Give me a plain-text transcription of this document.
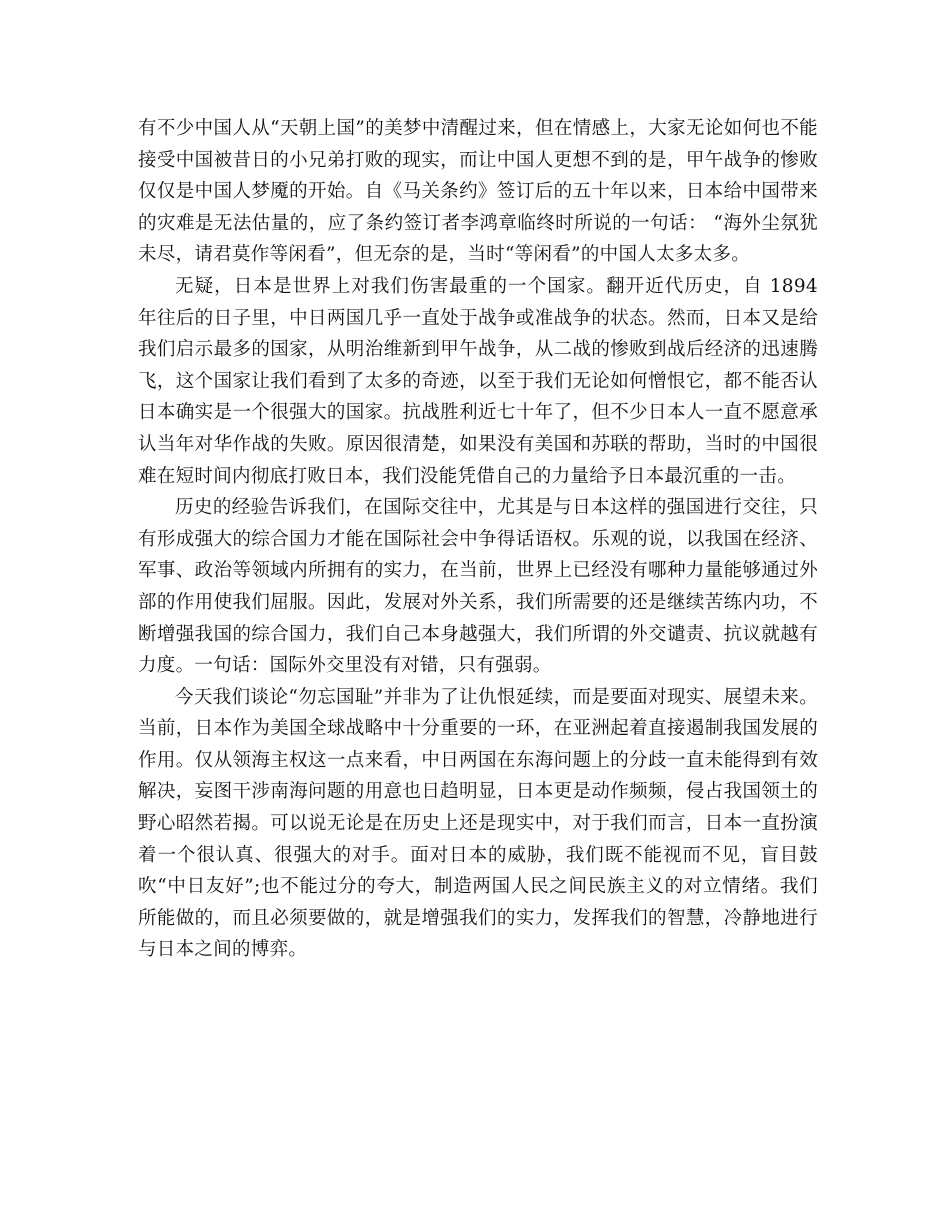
有不少中国人从“天朝上国”的美梦中清醒过来，但在情感上，大家无论如何也不能接受中国被昔日的小兄弟打败的现实，而让中国人更想不到的是，甲午战争的惨败仅仅是中国人梦魇的开始。自《马关条约》签订后的五十年以来，日本给中国带来的灾难是无法估量的，应了条约签订者李鸿章临终时所说的一句话： “海外尘氛犹未尽，请君莫作等闲看”，但无奈的是，当时“等闲看”的中国人太多太多。

无疑，日本是世界上对我们伤害最重的一个国家。翻开近代历史，自 1894 年往后的日子里，中日两国几乎一直处于战争或准战争的状态。然而，日本又是给我们启示最多的国家，从明治维新到甲午战争，从二战的惨败到战后经济的迅速腾飞，这个国家让我们看到了太多的奇迹，以至于我们无论如何憎恨它，都不能否认日本确实是一个很强大的国家。抗战胜利近七十年了，但不少日本人一直不愿意承认当年对华作战的失败。原因很清楚，如果没有美国和苏联的帮助，当时的中国很难在短时间内彻底打败日本，我们没能凭借自己的力量给予日本最沉重的一击。

历史的经验告诉我们，在国际交往中，尤其是与日本这样的强国进行交往，只有形成强大的综合国力才能在国际社会中争得话语权。乐观的说，以我国在经济、军事、政治等领域内所拥有的实力，在当前，世界上已经没有哪种力量能够通过外部的作用使我们屈服。因此，发展对外关系，我们所需要的还是继续苦练内功，不断增强我国的综合国力，我们自己本身越强大，我们所谓的外交谴责、抗议就越有力度。一句话：国际外交里没有对错，只有强弱。

今天我们谈论“勿忘国耻”并非为了让仇恨延续，而是要面对现实、展望未来。当前，日本作为美国全球战略中十分重要的一环，在亚洲起着直接遏制我国发展的作用。仅从领海主权这一点来看，中日两国在东海问题上的分歧一直未能得到有效解决，妄图干涉南海问题的用意也日趋明显，日本更是动作频频，侵占我国领土的野心昭然若揭。可以说无论是在历史上还是现实中，对于我们而言，日本一直扮演着一个很认真、很强大的对手。面对日本的威胁，我们既不能视而不见，盲目鼓吹“中日友好”;也不能过分的夸大，制造两国人民之间民族主义的对立情绪。我们所能做的，而且必须要做的，就是增强我们的实力，发挥我们的智慧，冷静地进行与日本之间的博弈。
